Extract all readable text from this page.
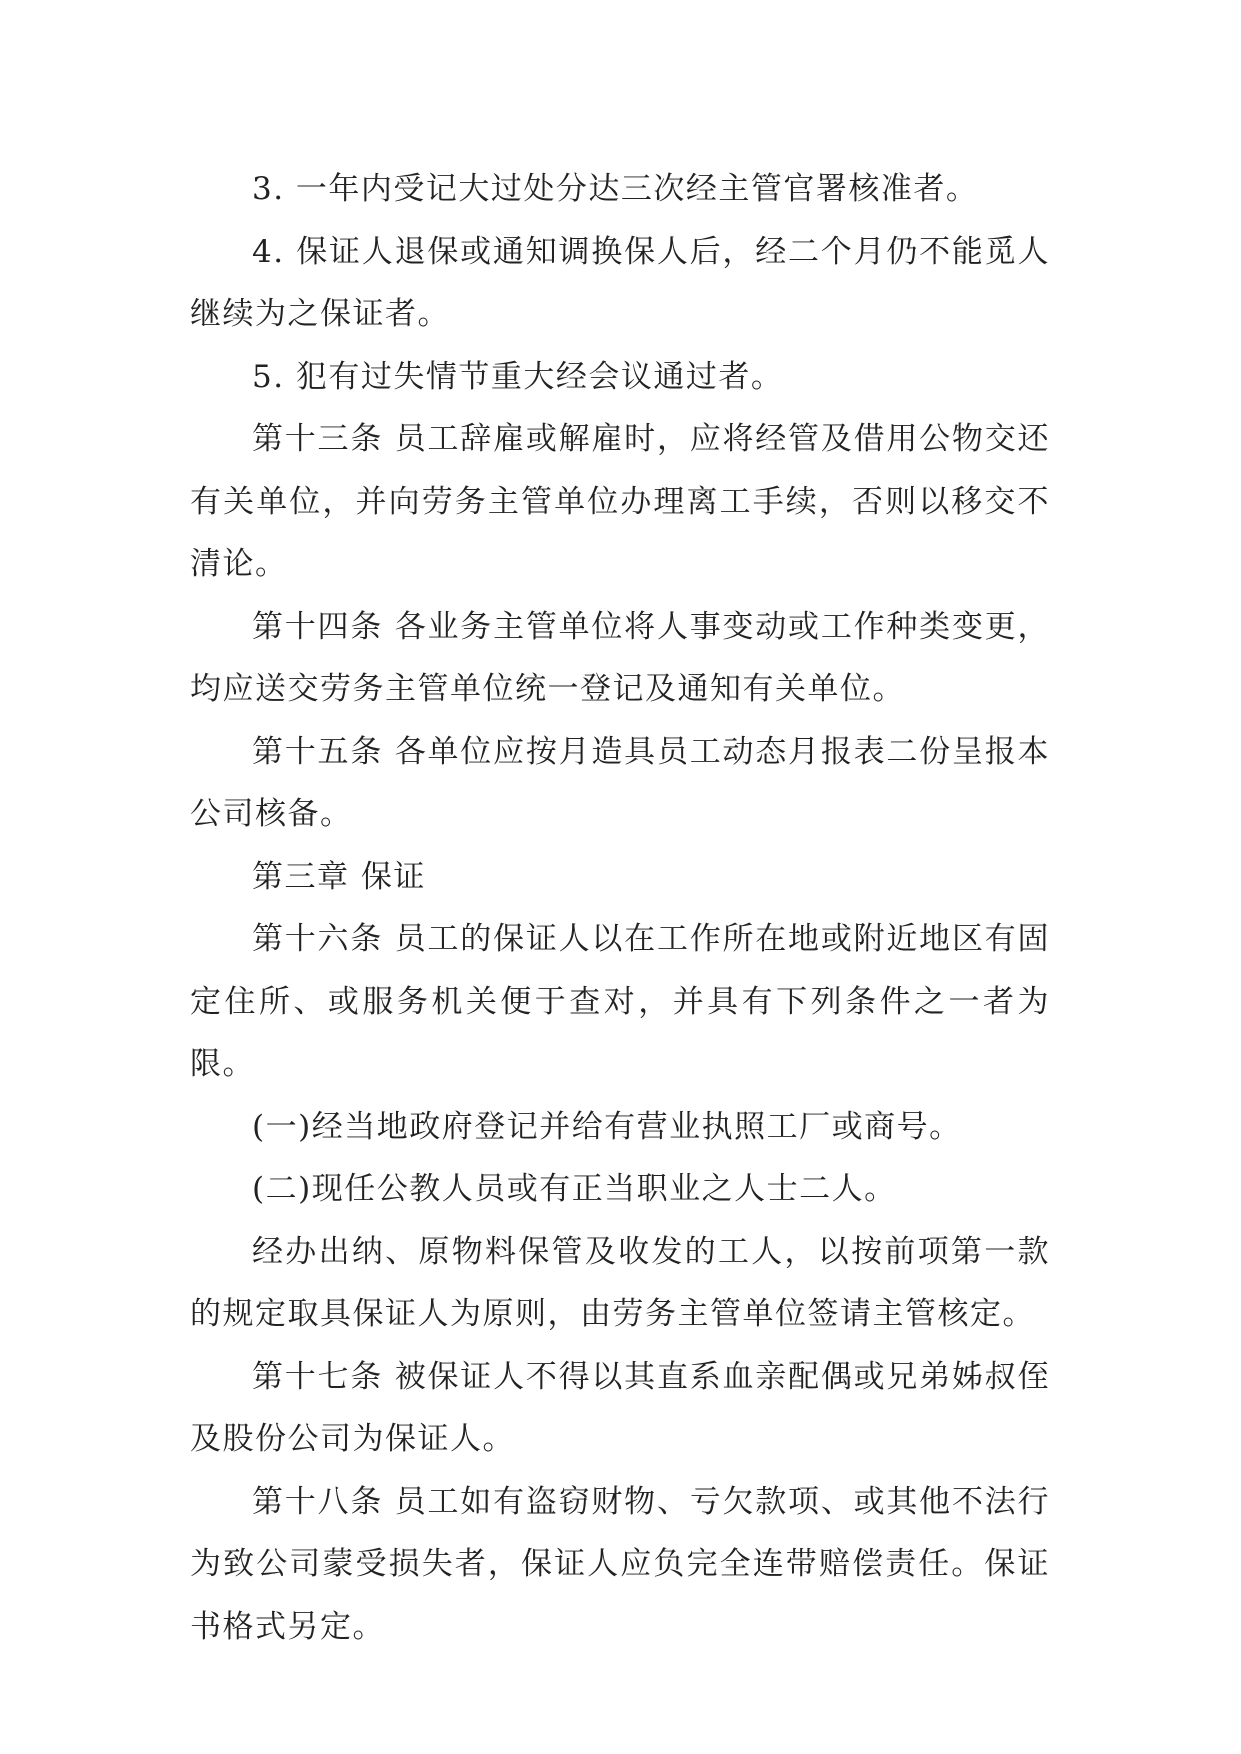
3. 一年内受记大过处分达三次经主管官署核准者。

4. 保证人退保或通知调换保人后，经二个月仍不能觅人继续为之保证者。

5. 犯有过失情节重大经会议通过者。

第十三条 员工辞雇或解雇时，应将经管及借用公物交还有关单位，并向劳务主管单位办理离工手续，否则以移交不清论。

第十四条 各业务主管单位将人事变动或工作种类变更，均应送交劳务主管单位统一登记及通知有关单位。

第十五条 各单位应按月造具员工动态月报表二份呈报本公司核备。

第三章 保证

第十六条 员工的保证人以在工作所在地或附近地区有固定住所、或服务机关便于查对，并具有下列条件之一者为限。

(一)经当地政府登记并给有营业执照工厂或商号。

(二)现任公教人员或有正当职业之人士二人。

经办出纳、原物料保管及收发的工人，以按前项第一款的规定取具保证人为原则，由劳务主管单位签请主管核定。

第十七条 被保证人不得以其直系血亲配偶或兄弟姊叔侄及股份公司为保证人。

第十八条 员工如有盗窃财物、亏欠款项、或其他不法行为致公司蒙受损失者，保证人应负完全连带赔偿责任。保证书格式另定。
